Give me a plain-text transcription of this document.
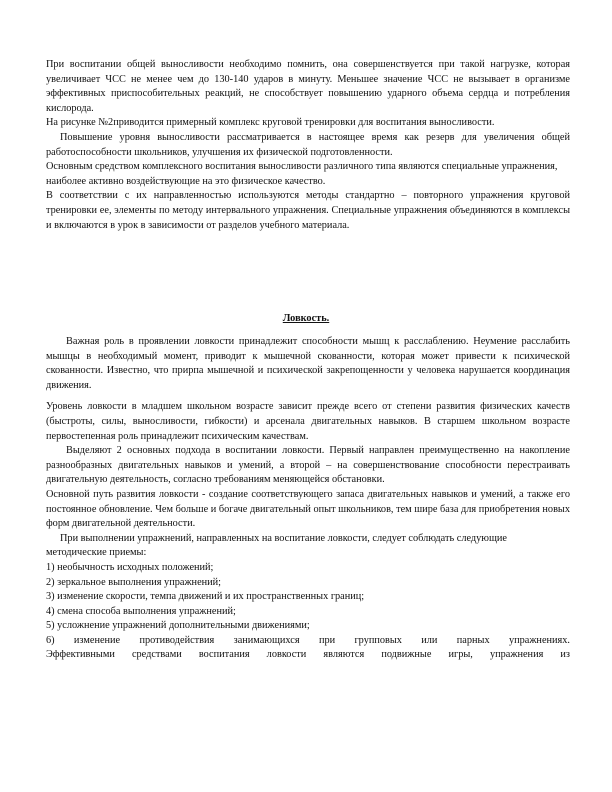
При воспитании общей выносливости необходимо помнить, она совершенствуется при такой нагрузке, которая увеличивает ЧСС не менее чем до 130-140 ударов в минуту. Меньшее значение ЧСС не вызывает в организме эффективных приспособительных реакций, не способствует повышению ударного объема сердца и потребления кислорода.

На рисунке №2приводится примерный комплекс круговой тренировки для воспитания выносливости.

Повышение уровня выносливости рассматривается в настоящее время как резерв для увеличения общей работоспособности школьников, улучшения их физической подготовленности.

Основным средством комплексного воспитания выносливости различного типа являются специальные упражнения, наиболее активно воздействующие на это физическое качество.

В соответствии с их направленностью используются методы стандартно – повторного упражнения круговой тренировки ее, элементы по методу интервального упражнения. Специальные упражнения объединяются в комплексы и включаются в урок в зависимости от разделов учебного материала.

Ловкость.

Важная роль в проявлении ловкости принадлежит способности мышц к расслаблению. Неумение расслабить мышцы в необходимый момент, приводит к мышечной скованности, которая может привести к психической скованности. Известно, что прирпа мышечной и психической закрепощенности у человека нарушается координация движения.

Уровень ловкости в младшем школьном возрасте зависит прежде всего от степени развития физических качеств (быстроты, силы, выносливости, гибкости) и арсенала двигательных навыков. В старшем школьном возрасте первостепенная роль принадлежит психическим качествам.

Выделяют 2 основных подхода в воспитании ловкости. Первый направлен преимущественно на накопление разнообразных двигательных навыков и умений, а второй – на совершенствование способности перестраивать двигательную деятельность, согласно требованиям меняющейся обстановки.

Основной путь развития ловкости - создание соответствующего запаса двигательных навыков и умений, а также его постоянное обновление. Чем больше и богаче двигательный опыт школьников, тем шире база для приобретения новых форм двигательной деятельности.

При выполнении упражнений, направленных на воспитание ловкости, следует соблюдать следующие методические приемы:

1) необычность исходных положений;
2) зеркальное выполнения упражнений;
3) изменение скорости, темпа движений и их пространственных границ;
4) смена способа выполнения упражнений;
5) усложнение упражнений дополнительными движениями;

6) изменение противодействия занимающихся при групповых или парных упражнениях.

Эффективными средствами воспитания ловкости являются подвижные игры, упражнения из
